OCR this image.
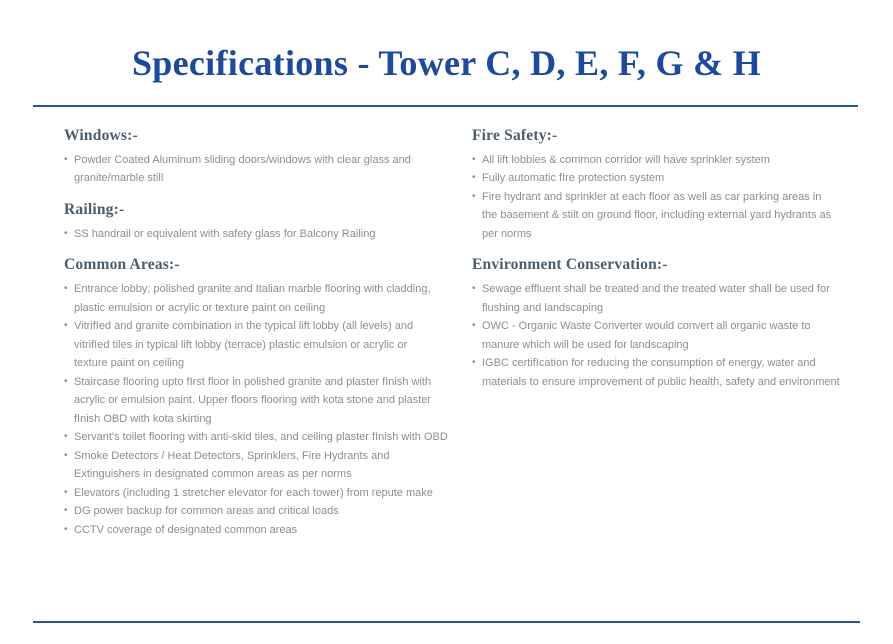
Specifications - Tower C, D, E, F, G & H
Windows:-
• Powder Coated Aluminum sliding doors/windows with clear glass and
granite/marble still
Railing:-
• SS handrail or equivalent with safety glass for Balcony Railing
Common Areas:-
• Entrance lobby; polished granite and Italian marble flooring with cladding,
plastic emulsion or acrylic or texture paint on ceiling
• VitrifIed and granite combination in the typical lift lobby (all levels) and
vitrifIed tiles in typical lift lobby (terrace) plastic emulsion or acrylic or
texture paint on ceiling
• Staircase flooring upto fIrst floor in polished granite and plaster fInish with
acrylic or emulsion paint. Upper floors flooring with kota stone and plaster
fInish OBD with kota skirting
• Servant's toilet flooring with anti-skid tiles, and ceiling plaster fInish with OBD
• Smoke Detectors / Heat Detectors, Sprinklers, Fire Hydrants and
Extinguishers in designated common areas as per norms
• Elevators (including 1 stretcher elevator for each tower) from repute make
• DG power backup for common areas and critical loads
• CCTV coverage of designated common areas
Fire Safety:-
• All lift lobbies & common corridor will have sprinkler system
• Fully automatic fIre protection system
• Fire hydrant and sprinkler at each floor as well as car parking areas in
the basement & stilt on ground floor, including external yard hydrants as
per norms
Environment Conservation:-
• Sewage effluent shall be treated and the treated water shall be used for
flushing and landscaping
• OWC - Organic Waste Converter would convert all organic waste to
manure which will be used for landscaping
• IGBC certifIcation for reducing the consumption of energy, water and
materials to ensure improvement of public health, safety and environment
